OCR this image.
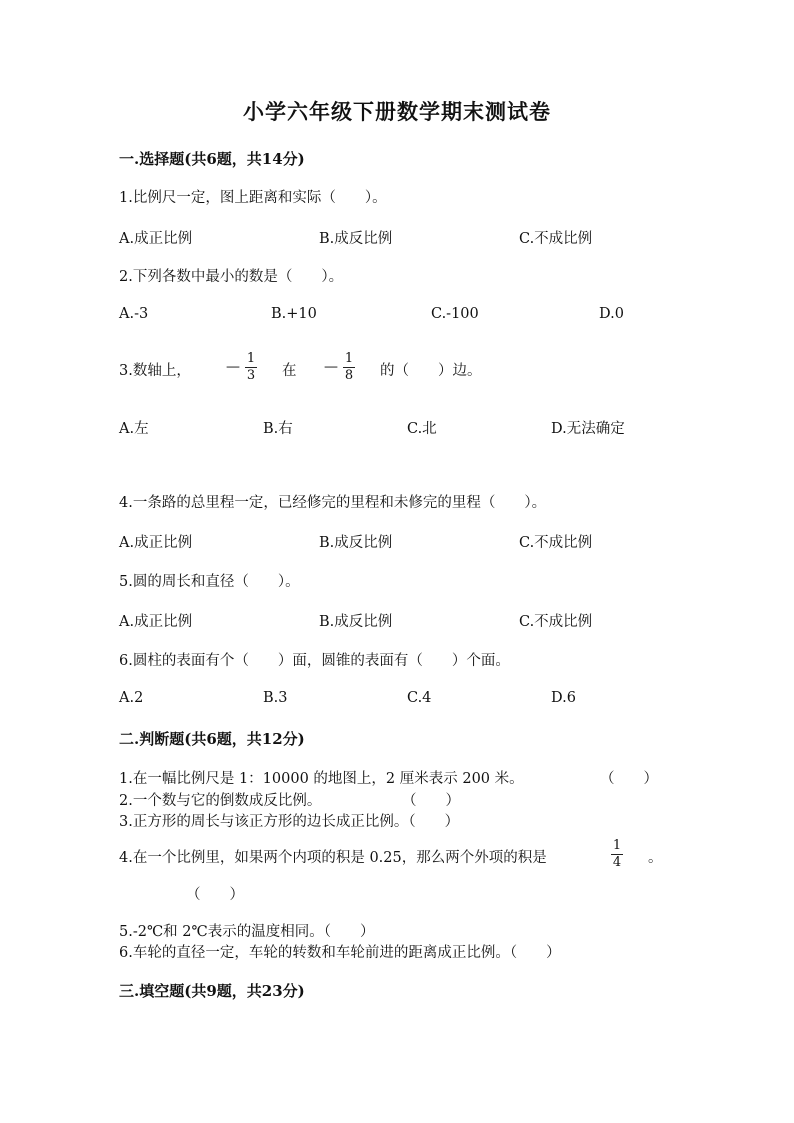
小学六年级下册数学期末测试卷
一.选择题(共6题，共14分)
1.比例尺一定，图上距离和实际（　　）。
A.成正比例	B.成反比例	C.不成比例
2.下列各数中最小的数是（　　）。
A.-3	B.+10	C.-100	D.0
3.数轴上，	—
1
3 在 —
1
8 的（　　）边。
A.左	B.右	C.北	D.无法确定
4.一条路的总里程一定，已经修完的里程和未修完的里程（　　）。
A.成正比例	B.成反比例	C.不成比例
5.圆的周长和直径（　　）。
A.成正比例	B.成反比例	C.不成比例
6.圆柱的表面有个（　　）面，圆锥的表面有（　　）个面。
A.2	B.3	C.4	D.6
二.判断题(共6题，共12分)
1.在一幅比例尺是 1：10000 的地图上，2 厘米表示 200 米。	（　　）
2.一个数与它的倒数成反比例。	（　　）
3.正方形的周长与该正方形的边长成正比例。（　　）
4.在一个比例里，如果两个内项的积是 0.25，那么两个外项的积是
1
4 。
（　　）
5.-2℃和 2℃表示的温度相同。（　　）
6.车轮的直径一定，车轮的转数和车轮前进的距离成正比例。（　　）
三.填空题(共9题，共23分)
